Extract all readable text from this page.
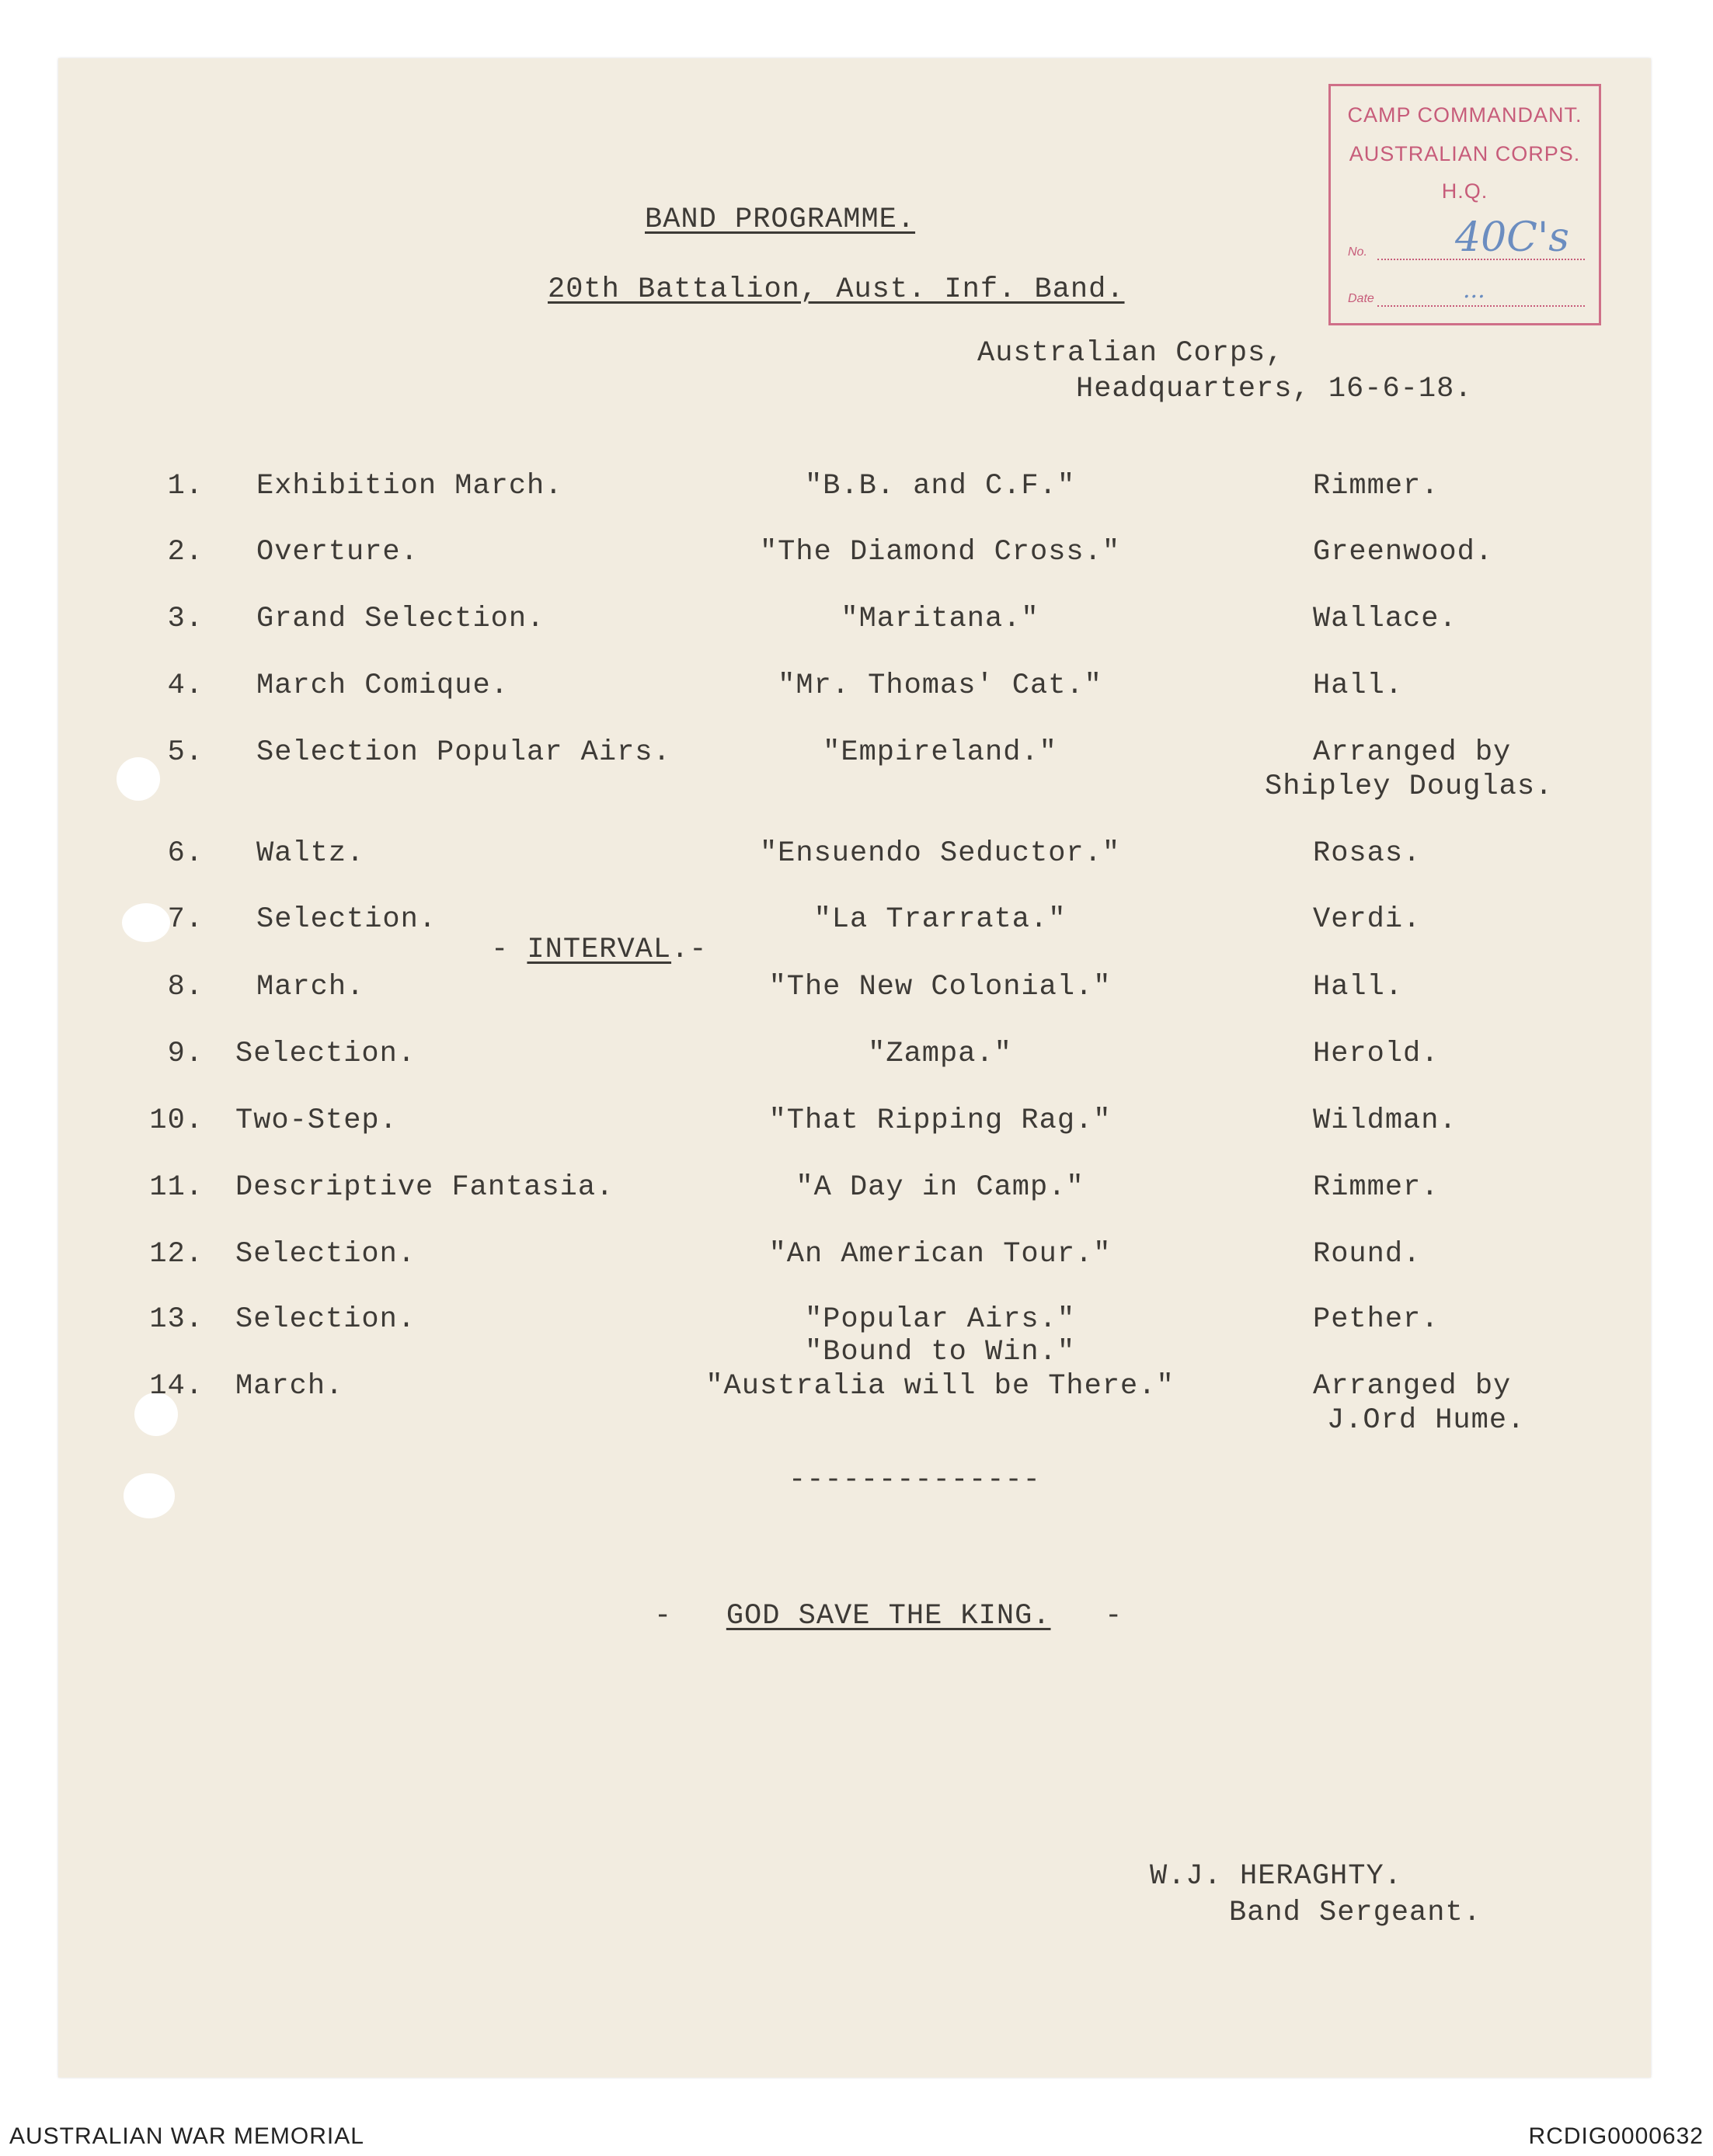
CAMP COMMANDANT.
AUSTRALIAN CORPS.
H.Q.
No. 40C's
Date	...
BAND PROGRAMME.
20th Battalion, Aust. Inf. Band.
Australian Corps,
Headquarters, 16-6-18.
1. Exhibition March.	"B.B. and C.F."	Rimmer.
2. Overture.	"The Diamond Cross."	Greenwood.
3. Grand Selection.	"Maritana."	Wallace.
4. March Comique.	"Mr. Thomas' Cat."	Hall.
5. Selection Popular Airs.	"Empireland."	Arranged by
Shipley Douglas.
6. Waltz.	"Ensuendo Seductor."	Rosas.
7. Selection.	"La Trarrata."	Verdi.
8. March.	"The New Colonial."	Hall.
9. Selection.	"Zampa."	Herold.
10. Two-Step.	"That Ripping Rag."	Wildman.
11. Descriptive Fantasia.	"A Day in Camp."	Rimmer.
12. Selection.	"An American Tour."	Round.
13. Selection.	"Popular Airs."	Pether.
"Bound to Win."
14. March.	"Australia will be There."	Arranged by
J.Ord Hume.
- INTERVAL.-
--------------
-   GOD SAVE THE KING.   -
W.J. HERAGHTY.
Band Sergeant.
AUSTRALIAN WAR MEMORIAL	RCDIG0000632
